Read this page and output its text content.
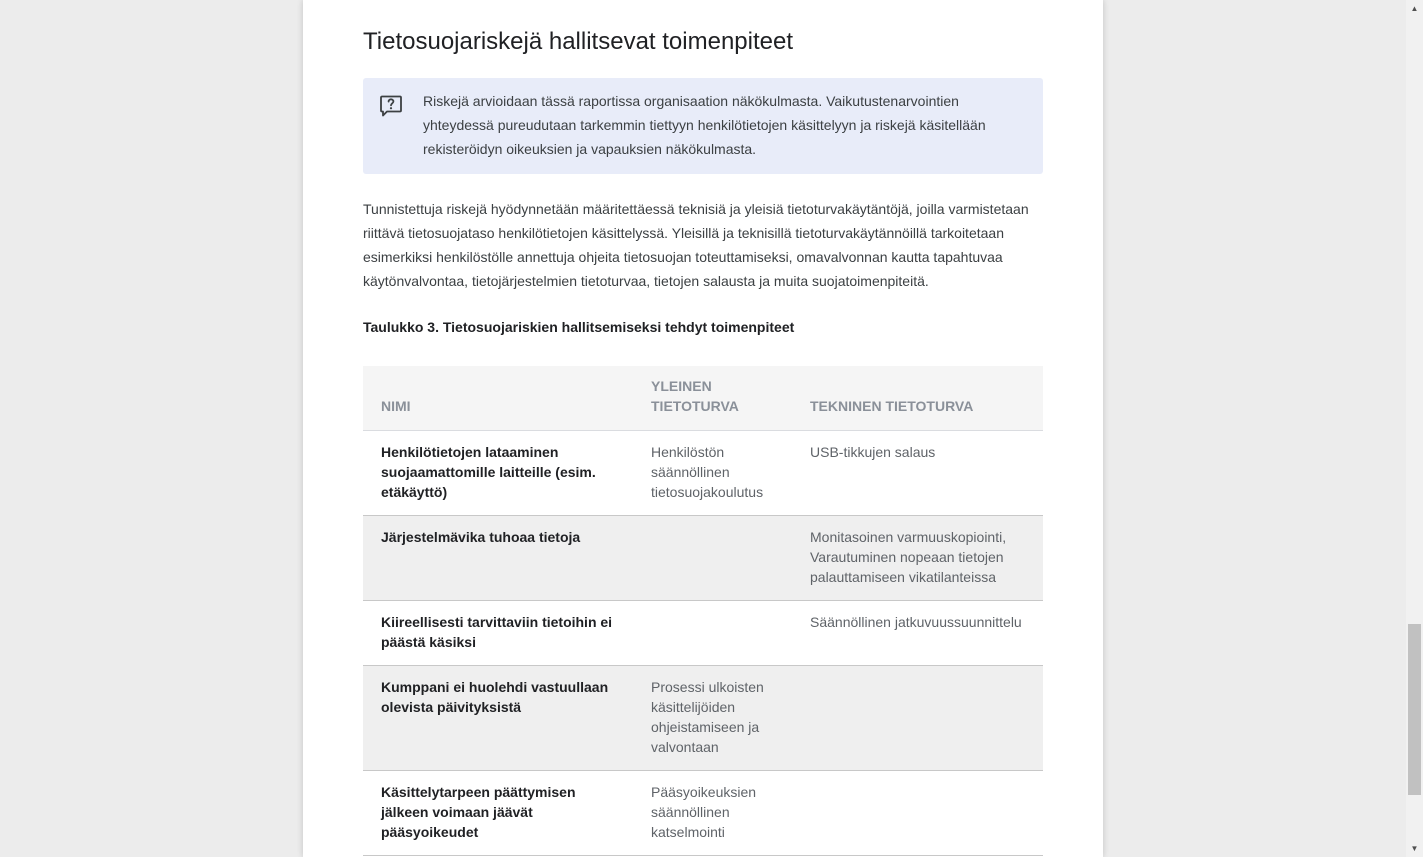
Tietosuojariskejä hallitsevat toimenpiteet
Riskejä arvioidaan tässä raportissa organisaation näkökulmasta. Vaikutustenarvointien yhteydessä pureudutaan tarkemmin tiettyyn henkilötietojen käsittelyyn ja riskejä käsitellään rekisteröidyn oikeuksien ja vapauksien näkökulmasta.

Tunnistettuja riskejä hyödynnetään määritettäessä teknisiä ja yleisiä tietoturvakäytäntöjä, joilla varmistetaan riittävä tietosuojataso henkilötietojen käsittelyssä. Yleisillä ja teknisillä tietoturvakäytännöillä tarkoitetaan esimerkiksi henkilöstölle annettuja ohjeita tietosuojan toteuttamiseksi, omavalvonnan kautta tapahtuvaa käytönvalvontaa, tietojärjestelmien tietoturvaa, tietojen salausta ja muita suojatoimenpiteitä.

Taulukko 3. Tietosuojariskien hallitsemiseksi tehdyt toimenpiteet

NIMI	YLEINEN TIETOTURVA	TEKNINEN TIETOTURVA
Henkilötietojen lataaminen suojaamattomille laitteille (esim. etäkäyttö)	Henkilöstön säännöllinen tietosuojakoulutus	USB-tikkujen salaus
Järjestelmävika tuhoaa tietoja		Monitasoinen varmuuskopiointi, Varautuminen nopeaan tietojen palauttamiseen vikatilanteissa
Kiireellisesti tarvittaviin tietoihin ei päästä käsiksi		Säännöllinen jatkuvuussuunnittelu
Kumppani ei huolehdi vastuullaan olevista päivityksistä	Prosessi ulkoisten käsittelijöiden ohjeistamiseen ja valvontaan	
Käsittelytarpeen päättymisen jälkeen voimaan jäävät pääsyoikeudet	Pääsyoikeuksien säännöllinen katselmointi	
▲
▼
